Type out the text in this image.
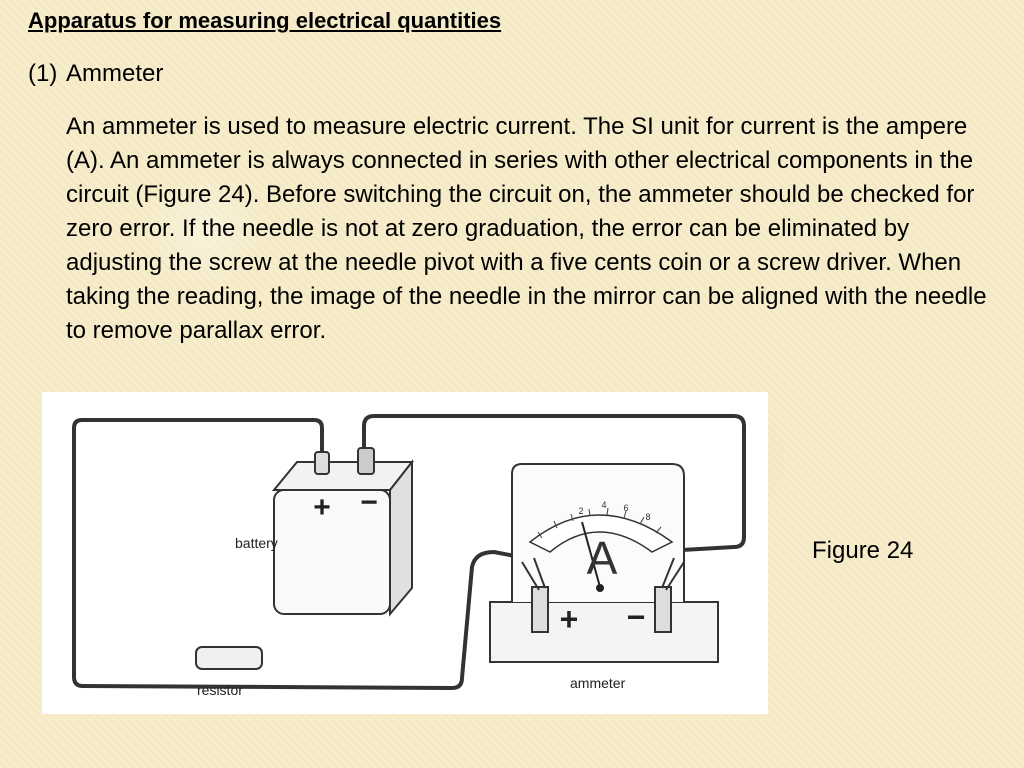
Apparatus for measuring electrical quantities
(1) Ammeter
An ammeter is used to measure electric current. The SI unit for current is the ampere (A). An ammeter is always connected in series with other electrical components in the circuit (Figure 24). Before switching the circuit on, the ammeter should be checked for zero error. If the needle is not at zero graduation, the error can be eliminated by adjusting the screw at the needle pivot with a five cents coin or a screw driver. When taking the reading, the image of the needle in the mirror can be aligned with the needle to remove parallax error.
+ −
battery
resistor
2
4 6
8
A
+ −
ammeter
Figure 24
